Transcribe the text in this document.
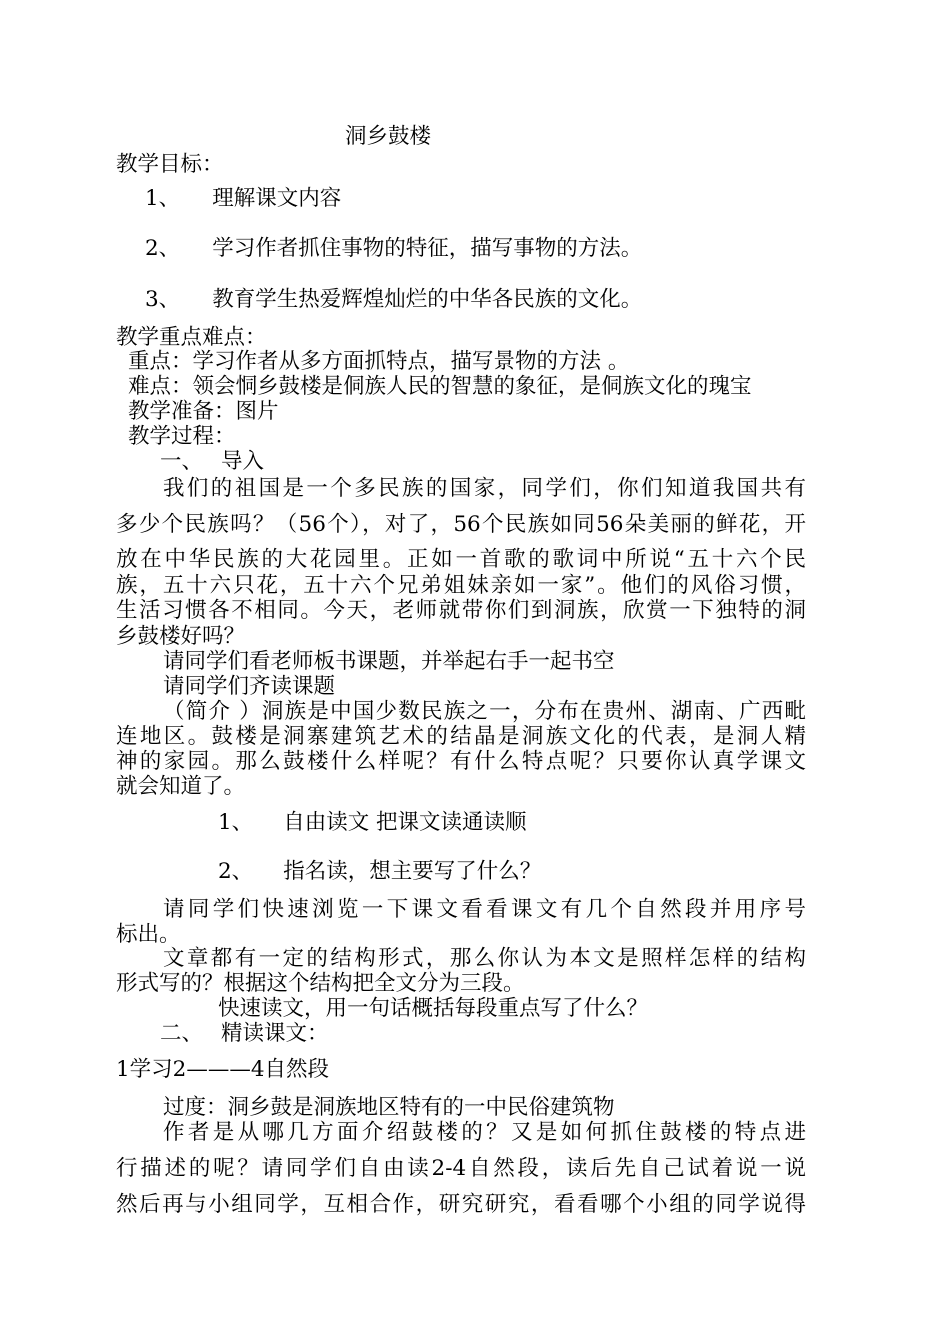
洞乡鼓楼

教学目标：

1、 理解课文内容

2、 学习作者抓住事物的特征，描写事物的方法。

3、 教育学生热爱辉煌灿烂的中华各民族的文化。

教学重点难点：

重点：学习作者从多方面抓特点，描写景物的方法 。

难点：领会恫乡鼓楼是侗族人民的智慧的象征，是侗族文化的瑰宝

教学准备：图片

教学过程：

一、 导入

我们的祖国是一个多民族的国家，同学们，你们知道我国共有

多少个民族吗？（56个），对了，56个民族如同56朵美丽的鲜花，开

放在中华民族的大花园里。正如一首歌的歌词中所说“五十六个民

族，五十六只花，五十六个兄弟姐妹亲如一家”。他们的风俗习惯，

生活习惯各不相同。今天，老师就带你们到洞族，欣赏一下独特的洞

乡鼓楼好吗？

请同学们看老师板书课题，并举起右手一起书空

请同学们齐读课题

（简介 ）洞族是中国少数民族之一，分布在贵州、湖南、广西毗

连地区。鼓楼是洞寨建筑艺术的结晶是洞族文化的代表，是洞人精

神的家园。那么鼓楼什么样呢？有什么特点呢？只要你认真学课文

就会知道了。

1、 自由读文 把课文读通读顺

2、 指名读，想主要写了什么？

请同学们快速浏览一下课文看看课文有几个自然段并用序号

标出。

文章都有一定的结构形式，那么你认为本文是照样怎样的结构

形式写的？根据这个结构把全文分为三段。

快速读文，用一句话概括每段重点写了什么？

二、 精读课文：

1学习2———4自然段

过度：洞乡鼓是洞族地区特有的一中民俗建筑物

作者是从哪几方面介绍鼓楼的？又是如何抓住鼓楼的特点进

行描述的呢？请同学们自由读2-4自然段，读后先自己试着说一说

然后再与小组同学，互相合作，研究研究，看看哪个小组的同学说得
